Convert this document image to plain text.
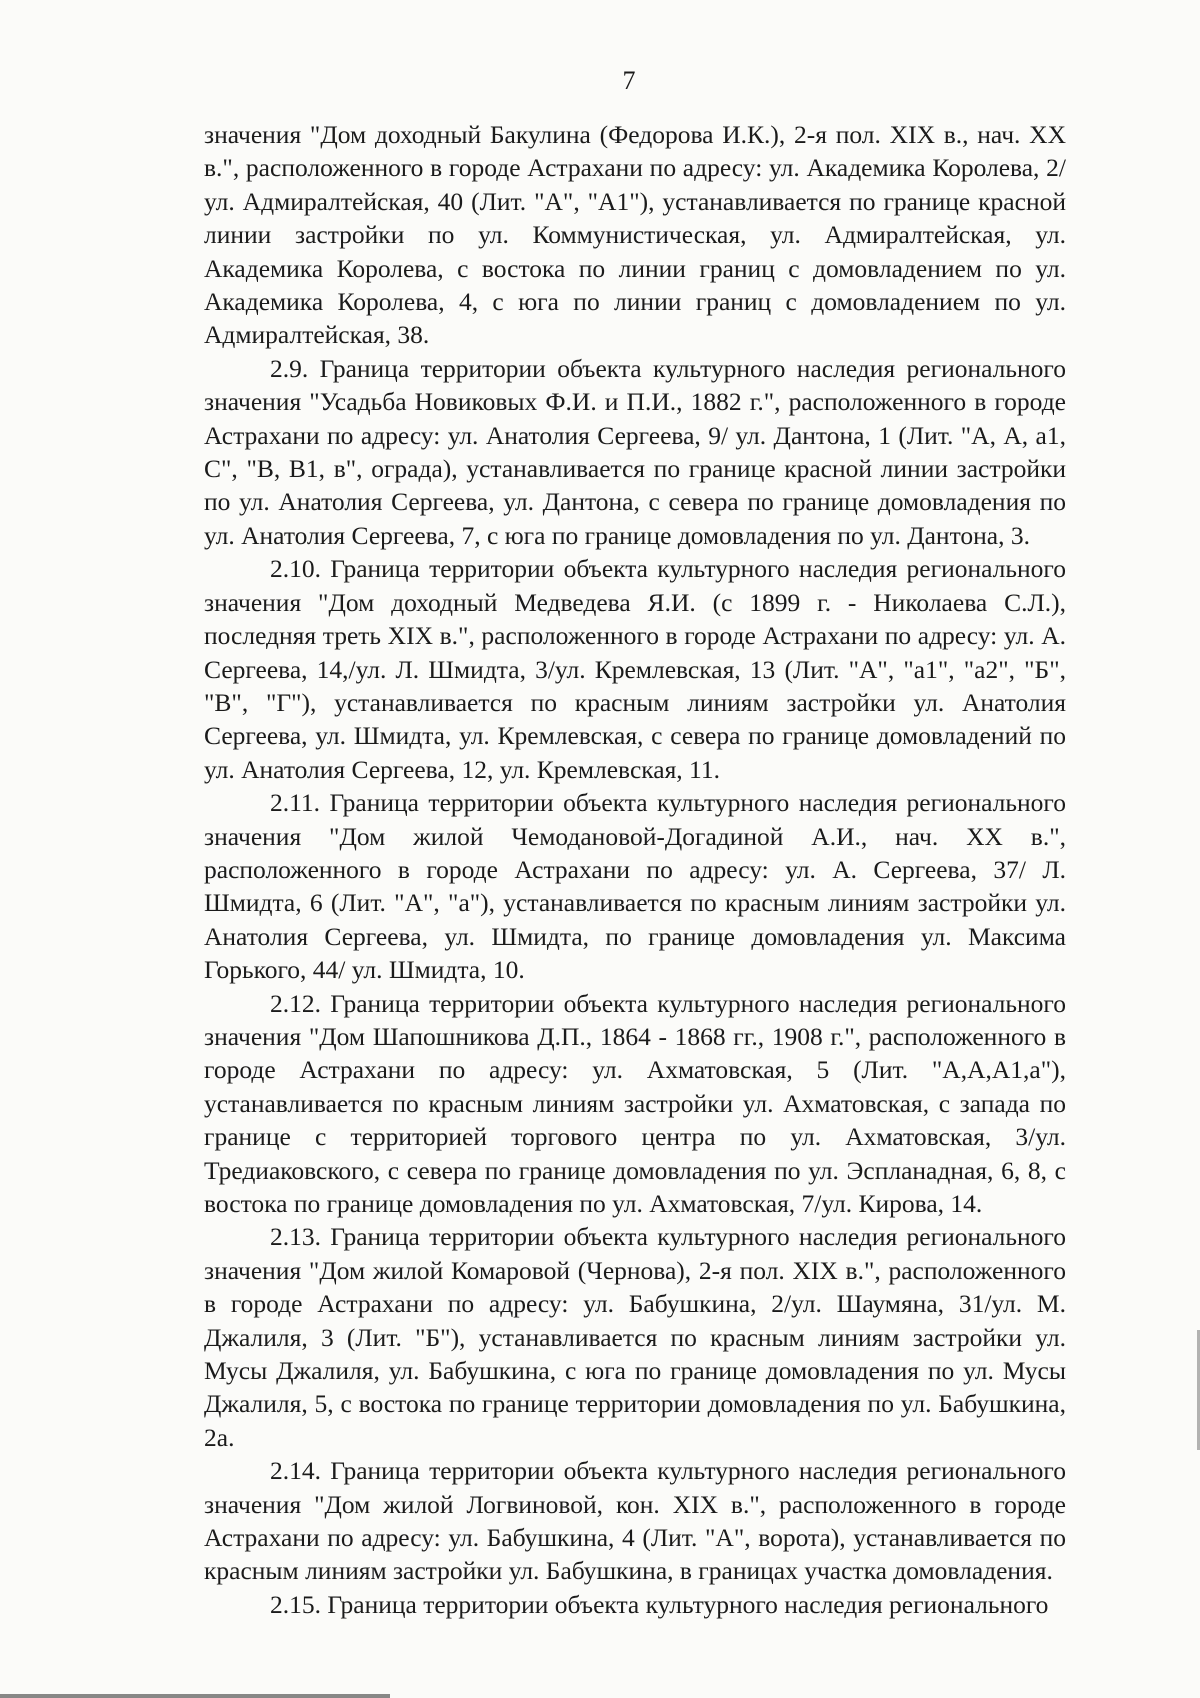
7

значения "Дом доходный Бакулина (Федорова И.К.), 2-я пол. XIX в., нач. XX в.", расположенного в городе Астрахани по адресу: ул. Академика Королева, 2/ ул. Адмиралтейская, 40 (Лит. "А", "А1"), устанавливается по границе красной линии застройки по ул. Коммунистическая, ул. Адмиралтейская, ул. Академика Королева, с востока по линии границ с домовладением по ул. Академика Королева, 4, с юга по линии границ с домовладением по ул. Адмиралтейская, 38.

2.9. Граница территории объекта культурного наследия регионального значения "Усадьба Новиковых Ф.И. и П.И., 1882 г.", расположенного в городе Астрахани по адресу: ул. Анатолия Сергеева, 9/ ул. Дантона, 1 (Лит. "А, А, а1, С", "В, В1, в", ограда), устанавливается по границе красной линии застройки по ул. Анатолия Сергеева, ул. Дантона, с севера по границе домовладения по ул. Анатолия Сергеева, 7, с юга по границе домовладения по ул. Дантона, 3.

2.10. Граница территории объекта культурного наследия регионального значения "Дом доходный Медведева Я.И. (с 1899 г. - Николаева С.Л.), последняя треть XIX в.", расположенного в городе Астрахани по адресу: ул. А. Сергеева, 14,/ул. Л. Шмидта, 3/ул. Кремлевская, 13 (Лит. "А", "а1", "а2", "Б", "В", "Г"), устанавливается по красным линиям застройки ул. Анатолия Сергеева, ул. Шмидта, ул. Кремлевская, с севера по границе домовладений по ул. Анатолия Сергеева, 12, ул. Кремлевская, 11.

2.11. Граница территории объекта культурного наследия регионального значения "Дом жилой Чемодановой-Догадиной А.И., нач. XX в.", расположенного в городе Астрахани по адресу: ул. А. Сергеева, 37/ Л. Шмидта, 6 (Лит. "А", "а"), устанавливается по красным линиям застройки ул. Анатолия Сергеева, ул. Шмидта, по границе домовладения ул. Максима Горького, 44/ ул. Шмидта, 10.

2.12. Граница территории объекта культурного наследия регионального значения "Дом Шапошникова Д.П., 1864 - 1868 гг., 1908 г.", расположенного в городе Астрахани по адресу: ул. Ахматовская, 5 (Лит. "А,А,А1,а"), устанавливается по красным линиям застройки ул. Ахматовская, с запада по границе с территорией торгового центра по ул. Ахматовская, 3/ул. Тредиаковского, с севера по границе домовладения по ул. Эспланадная, 6, 8, с востока по границе домовладения по ул. Ахматовская, 7/ул. Кирова, 14.

2.13. Граница территории объекта культурного наследия регионального значения "Дом жилой Комаровой (Чернова), 2-я пол. XIX в.", расположенного в городе Астрахани по адресу: ул. Бабушкина, 2/ул. Шаумяна, 31/ул. М. Джалиля, 3 (Лит. "Б"), устанавливается по красным линиям застройки ул. Мусы Джалиля, ул. Бабушкина, с юга по границе домовладения по ул. Мусы Джалиля, 5, с востока по границе территории домовладения по ул. Бабушкина, 2а.

2.14. Граница территории объекта культурного наследия регионального значения "Дом жилой Логвиновой, кон. XIX в.", расположенного в городе Астрахани по адресу: ул. Бабушкина, 4 (Лит. "А", ворота), устанавливается по красным линиям застройки ул. Бабушкина, в границах участка домовладения.

2.15. Граница территории объекта культурного наследия регионального
